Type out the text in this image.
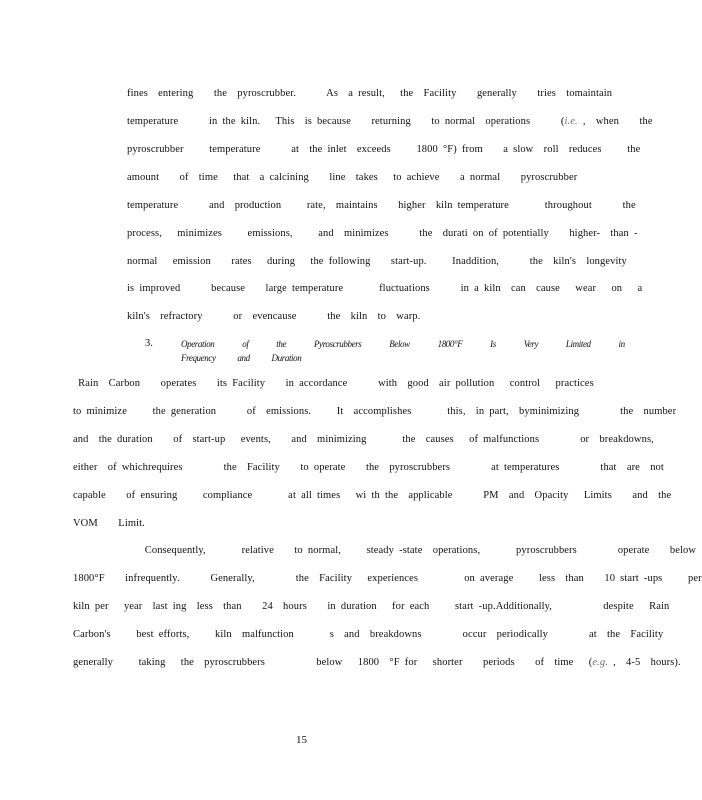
fines  entering    the  pyroscrubber.      As  a result,   the  Facility    generally    tries  tomaintain
temperature      in the kiln.   This  is because    returning    to normal  operations      (i.e. ,  when    the
pyroscrubber     temperature      at  the inlet  exceeds     1800 °F) from    a slow  roll  reduces     the
amount    of  time   that  a calcining    line  takes   to achieve    a normal    pyroscrubber
temperature      and  production     rate,  maintains    higher  kiln temperature       throughout      the
process,   minimizes     emissions,     and  minimizes      the  durati on of potentially    higher-  than -
normal   emission    rates   during   the following    start-up.     Inaddition,      the  kiln's  longevity
is improved      because    large temperature       fluctuations      in a kiln  can  cause   wear   on   a
kiln's  refractory      or  evencause      the  kiln  to  warp.
3.	Operation of the Pyroscrubbers Below 1800°F Is Very Limited in
Frequency and Duration
Rain  Carbon    operates    its Facility    in accordance      with  good  air pollution   control   practices
to minimize     the generation      of  emissions.     It  accomplishes       this,  in part,  byminimizing        the  number
and  the duration    of  start-up   events,    and  minimizing       the  causes   of malfunctions        or  breakdowns,
either  of whichrequires        the  Facility    to operate    the  pyroscrubbers        at temperatures        that  are  not
capable    of ensuring     compliance       at all times   wi th the  applicable      PM  and  Opacity   Limits    and  the
VOM    Limit.
Consequently,       relative    to normal,     steady -state  operations,       pyroscrubbers        operate    below
1800°F    infrequently.      Generally,        the  Facility   experiences         on average     less  than    10 start -ups     per
kiln per   year  last ing  less  than    24  hours    in duration   for each     start -up.Additionally,          despite   Rain
Carbon's     best efforts,     kiln  malfunction       s  and  breakdowns        occur  periodically        at  the  Facility
generally     taking   the  pyroscrubbers          below   1800  °F for   shorter    periods    of  time   (e.g. ,  4-5  hours).
15
